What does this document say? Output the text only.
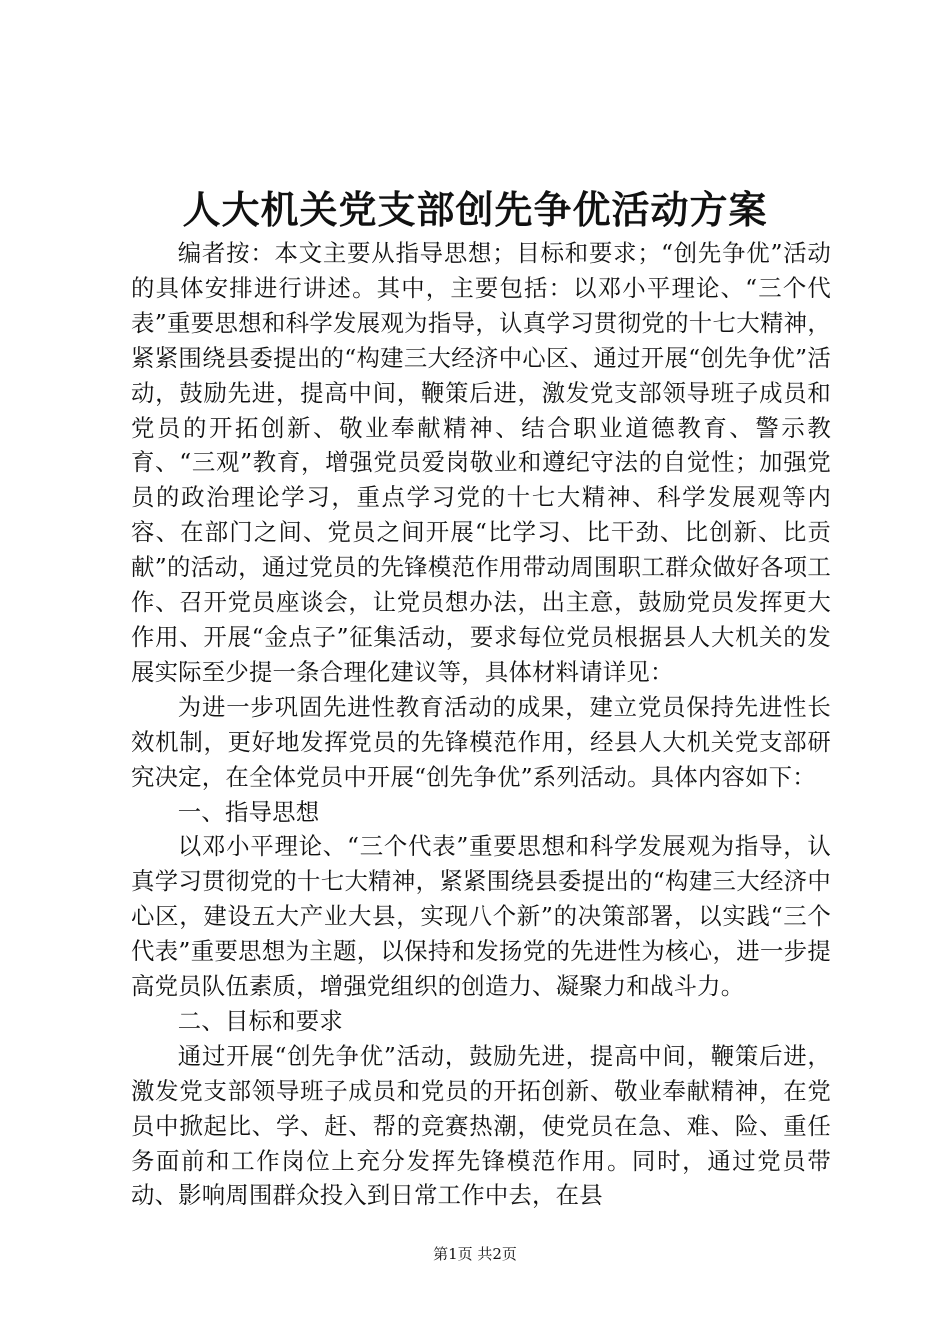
人大机关党支部创先争优活动方案

编者按：本文主要从指导思想；目标和要求；“创先争优”活动的具体安排进行讲述。其中，主要包括：以邓小平理论、“三个代表”重要思想和科学发展观为指导，认真学习贯彻党的十七大精神，紧紧围绕县委提出的“构建三大经济中心区、通过开展“创先争优”活动，鼓励先进，提高中间，鞭策后进，激发党支部领导班子成员和党员的开拓创新、敬业奉献精神、结合职业道德教育、警示教育、“三观”教育，增强党员爱岗敬业和遵纪守法的自觉性；加强党员的政治理论学习，重点学习党的十七大精神、科学发展观等内容、在部门之间、党员之间开展“比学习、比干劲、比创新、比贡献”的活动，通过党员的先锋模范作用带动周围职工群众做好各项工作、召开党员座谈会，让党员想办法，出主意，鼓励党员发挥更大作用、开展“金点子”征集活动，要求每位党员根据县人大机关的发展实际至少提一条合理化建议等，具体材料请详见：

为进一步巩固先进性教育活动的成果，建立党员保持先进性长效机制，更好地发挥党员的先锋模范作用，经县人大机关党支部研究决定，在全体党员中开展“创先争优”系列活动。具体内容如下：

一、指导思想

以邓小平理论、“三个代表”重要思想和科学发展观为指导，认真学习贯彻党的十七大精神，紧紧围绕县委提出的“构建三大经济中心区，建设五大产业大县，实现八个新”的决策部署，以实践“三个代表”重要思想为主题，以保持和发扬党的先进性为核心，进一步提高党员队伍素质，增强党组织的创造力、凝聚力和战斗力。

二、目标和要求

通过开展“创先争优”活动，鼓励先进，提高中间，鞭策后进，激发党支部领导班子成员和党员的开拓创新、敬业奉献精神，在党员中掀起比、学、赶、帮的竞赛热潮，使党员在急、难、险、重任务面前和工作岗位上充分发挥先锋模范作用。同时，通过党员带动、影响周围群众投入到日常工作中去，在县

第1页 共2页
